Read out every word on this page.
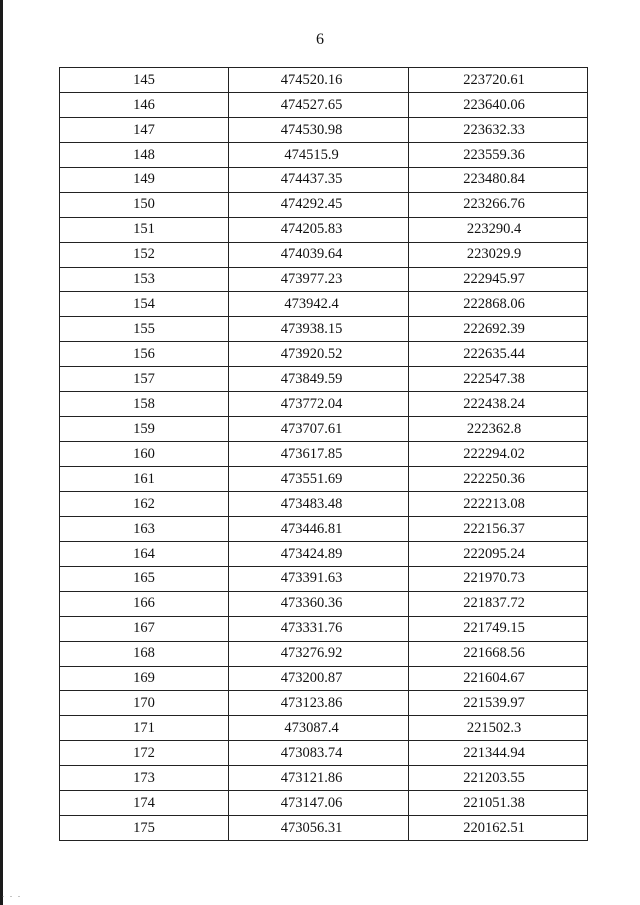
6
145	474520.16	223720.61
146	474527.65	223640.06
147	474530.98	223632.33
148	474515.9	223559.36
149	474437.35	223480.84
150	474292.45	223266.76
151	474205.83	223290.4
152	474039.64	223029.9
153	473977.23	222945.97
154	473942.4	222868.06
155	473938.15	222692.39
156	473920.52	222635.44
157	473849.59	222547.38
158	473772.04	222438.24
159	473707.61	222362.8
160	473617.85	222294.02
161	473551.69	222250.36
162	473483.48	222213.08
163	473446.81	222156.37
164	473424.89	222095.24
165	473391.63	221970.73
166	473360.36	221837.72
167	473331.76	221749.15
168	473276.92	221668.56
169	473200.87	221604.67
170	473123.86	221539.97
171	473087.4	221502.3
172	473083.74	221344.94
173	473121.86	221203.55
174	473147.06	221051.38
175	473056.31	220162.51
. . .
